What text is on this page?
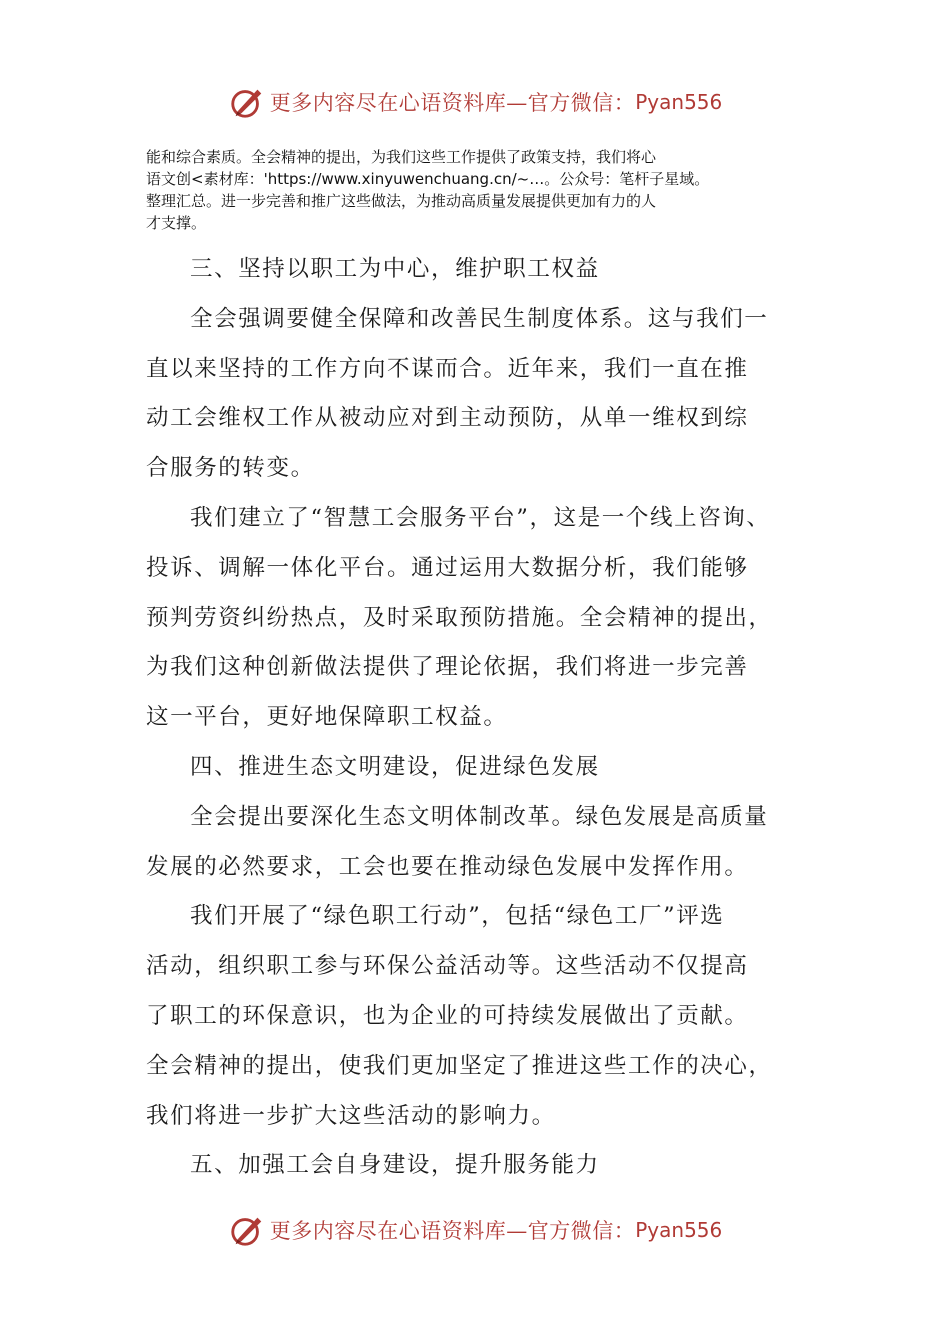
更多内容尽在心语资料库—官方微信： Pyan556

能和综合素质。全会精神的提出，为我们这些工作提供了政策支持，我们将心

语文创<素材库：'https://www.xinyuwenchuang.cn/~…。公众号：笔杆子星域。

整理汇总。进一步完善和推广这些做法，为推动高质量发展提供更加有力的人

才支撑。

三、坚持以职工为中心，维护职工权益
全会强调要健全保障和改善民生制度体系。这与我们一
直以来坚持的工作方向不谋而合。近年来，我们一直在推
动工会维权工作从被动应对到主动预防，从单一维权到综
合服务的转变。
我们建立了“智慧工会服务平台”，这是一个线上咨询、
投诉、调解一体化平台。通过运用大数据分析，我们能够
预判劳资纠纷热点，及时采取预防措施。全会精神的提出，
为我们这种创新做法提供了理论依据，我们将进一步完善
这一平台，更好地保障职工权益。
四、推进生态文明建设，促进绿色发展
全会提出要深化生态文明体制改革。绿色发展是高质量
发展的必然要求，工会也要在推动绿色发展中发挥作用。
我们开展了“绿色职工行动”，包括“绿色工厂”评选
活动，组织职工参与环保公益活动等。这些活动不仅提高
了职工的环保意识，也为企业的可持续发展做出了贡献。
全会精神的提出，使我们更加坚定了推进这些工作的决心，
我们将进一步扩大这些活动的影响力。
五、加强工会自身建设，提升服务能力
更多内容尽在心语资料库—官方微信： Pyan556
